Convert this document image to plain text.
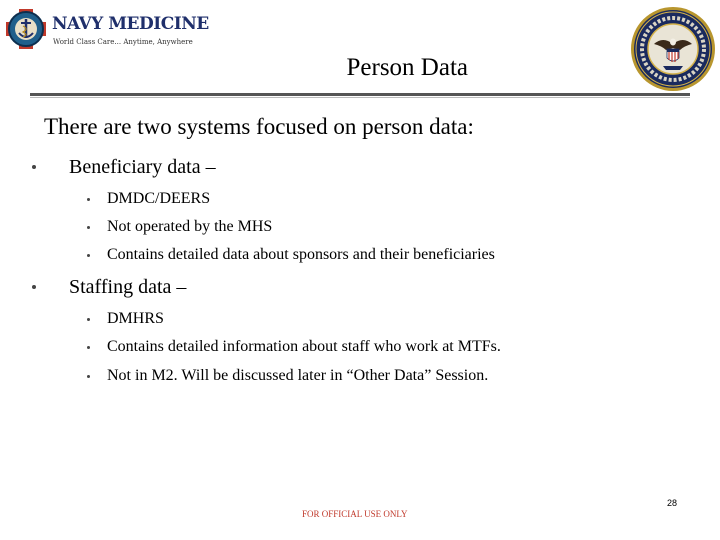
NAVY MEDICINE
World Class Care... Anytime, Anywhere
Person Data
There are two systems focused on person data:
Beneficiary data –
DMDC/DEERS
Not operated by the MHS
Contains detailed data about sponsors and their beneficiaries
Staffing data –
DMHRS
Contains detailed information about staff who work at MTFs.
Not in M2. Will be discussed later in “Other Data” Session.
28
FOR OFFICIAL USE ONLY
